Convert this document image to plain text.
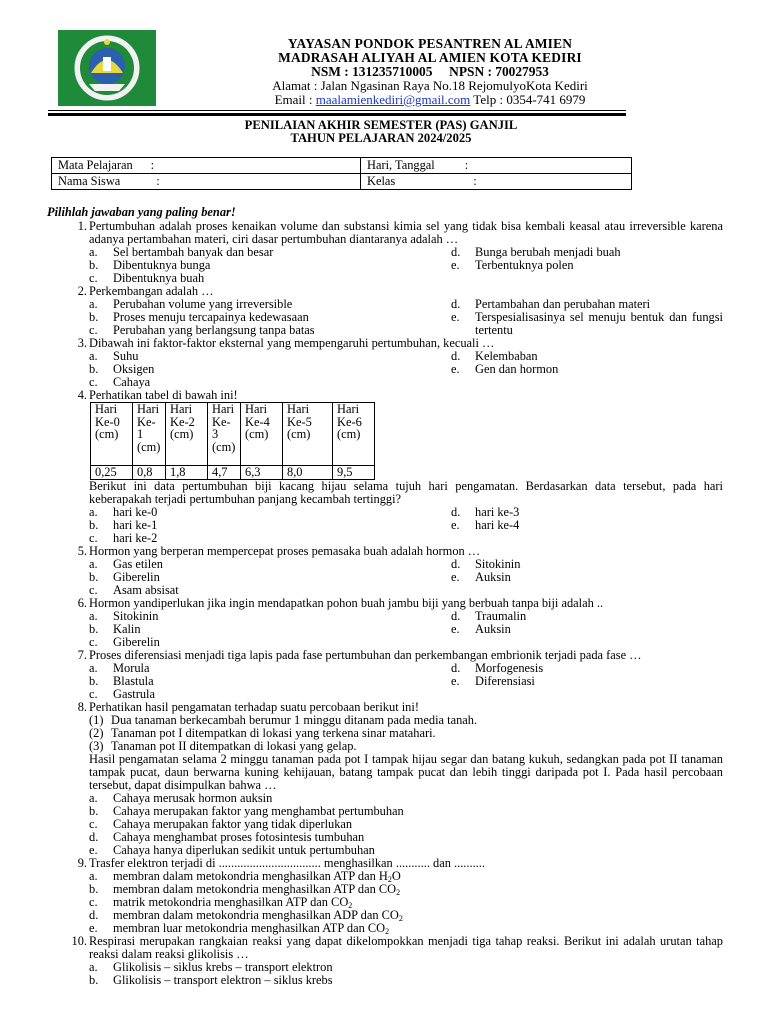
YAYASAN PONDOK PESANTREN AL AMIEN
MADRASAH ALIYAH AL AMIEN KOTA KEDIRI
NSM : 131235710005     NPSN : 70027953
Alamat : Jalan Ngasinan Raya No.18 RejomulyoKota Kediri
Email : maalamienkediri@gmail.com Telp : 0354-741 6979
PENILAIAN AKHIR SEMESTER (PAS) GANJIL
TAHUN PELAJARAN 2024/2025
Mata Pelajaran :	Hari, Tanggal :
Nama Siswa :	Kelas :
Pilihlah jawaban yang paling benar!
1. Pertumbuhan adalah proses kenaikan volume dan substansi kimia sel yang tidak bisa kembali keasal atau irreversible karena adanya pertambahan materi, ciri dasar pertumbuhan diantaranya adalah …
a. Sel bertambah banyak dan besar	d. Bunga berubah menjadi buah
b. Dibentuknya bunga	e. Terbentuknya polen
c. Dibentuknya buah
2. Perkembangan adalah …
a. Perubahan volume yang irreversible	d. Pertambahan dan perubahan materi
b. Proses menuju tercapainya kedewasaan	e. Terspesialisasinya sel menuju bentuk dan fungsi tertentu
c. Perubahan yang berlangsung tanpa batas
3. Dibawah ini faktor-faktor eksternal yang mempengaruhi pertumbuhan, kecuali …
a. Suhu	d. Kelembaban
b. Oksigen	e. Gen dan hormon
c. Cahaya
4. Perhatikan tabel di bawah ini!
Hari Ke-0 (cm)	Hari Ke-1 (cm)	Hari Ke-2 (cm)	Hari Ke-3 (cm)	Hari Ke-4 (cm)	Hari Ke-5 (cm)	Hari Ke-6 (cm)
0,25	0,8	1,8	4,7	6,3	8,0	9,5
Berikut ini data pertumbuhan biji kacang hijau selama tujuh hari pengamatan. Berdasarkan data tersebut, pada hari keberapakah terjadi pertumbuhan panjang kecambah tertinggi?
a. hari ke-0	d. hari ke-3
b. hari ke-1	e. hari ke-4
c. hari ke-2
5. Hormon yang berperan mempercepat proses pemasaka buah adalah hormon …
a. Gas etilen	d. Sitokinin
b. Giberelin	e. Auksin
c. Asam absisat
6. Hormon yandiperlukan jika ingin mendapatkan pohon buah jambu biji yang berbuah tanpa biji adalah ..
a. Sitokinin	d. Traumalin
b. Kalin	e. Auksin
c. Giberelin
7. Proses diferensiasi menjadi tiga lapis pada fase pertumbuhan dan perkembangan embrionik terjadi pada fase …
a. Morula	d. Morfogenesis
b. Blastula	e. Diferensiasi
c. Gastrula
8. Perhatikan hasil pengamatan terhadap suatu percobaan berikut ini!
(1) Dua tanaman berkecambah berumur 1 minggu ditanam pada media tanah.
(2) Tanaman pot I ditempatkan di lokasi yang terkena sinar matahari.
(3) Tanaman pot II ditempatkan di lokasi yang gelap.
Hasil pengamatan selama 2 minggu tanaman pada pot I tampak hijau segar dan batang kukuh, sedangkan pada pot II tanaman tampak pucat, daun berwarna kuning kehijauan, batang tampak pucat dan lebih tinggi daripada pot I. Pada hasil percobaan tersebut, dapat disimpulkan bahwa …
a. Cahaya merusak hormon auksin
b. Cahaya merupakan faktor yang menghambat pertumbuhan
c. Cahaya merupakan faktor yang tidak diperlukan
d. Cahaya menghambat proses fotosintesis tumbuhan
e. Cahaya hanya diperlukan sedikit untuk pertumbuhan
9. Trasfer elektron terjadi di ................................. menghasilkan ........... dan ..........
a. membran dalam metokondria menghasilkan ATP dan $H_2O$
b. membran dalam metokondria menghasilkan ATP dan $CO_2$
c. matrik metokondria menghasilkan ATP dan $CO_2$
d. membran dalam metokondria menghasilkan ADP dan $CO_2$
e. membran luar metokondria menghasilkan ATP dan $CO_2$
10. Respirasi merupakan rangkaian reaksi yang dapat dikelompokkan menjadi tiga tahap reaksi. Berikut ini adalah urutan tahap reaksi dalam reaksi glikolisis …
a. Glikolisis – siklus krebs – transport elektron
b. Glikolisis – transport elektron – siklus krebs
